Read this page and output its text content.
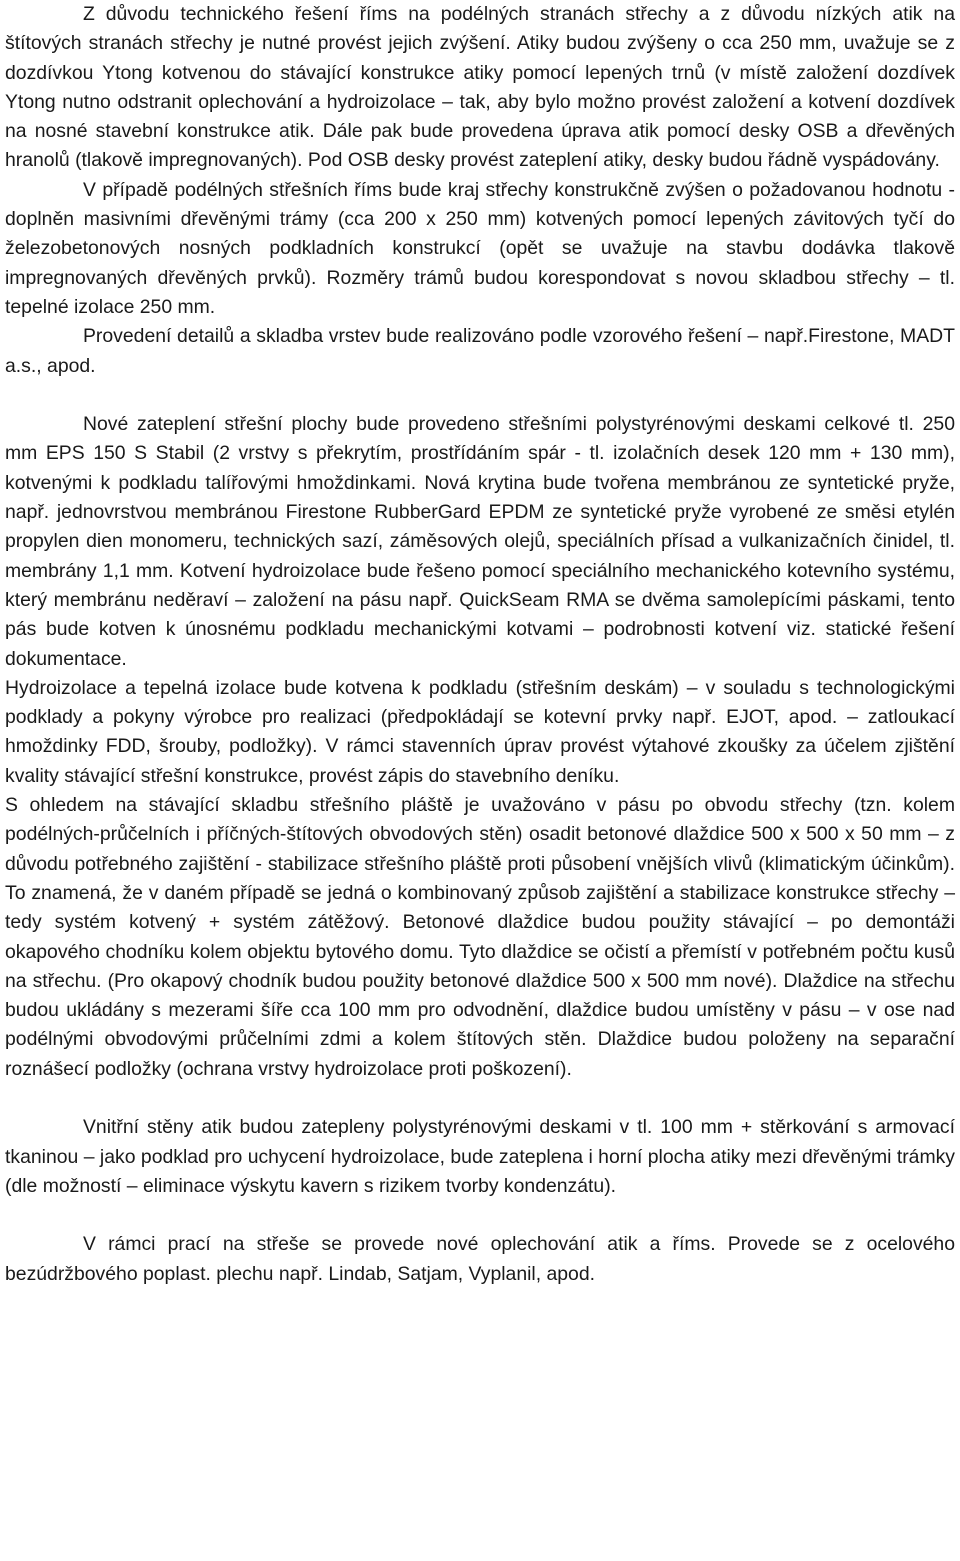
Z důvodu technického řešení říms na podélných stranách střechy a z důvodu nízkých atik na štítových stranách střechy je nutné provést jejich zvýšení. Atiky budou zvýšeny o cca 250 mm, uvažuje se z dozdívkou Ytong kotvenou do stávající konstrukce atiky pomocí lepených trnů (v místě založení dozdívek Ytong nutno odstranit oplechování a hydroizolace – tak, aby bylo možno provést založení a kotvení dozdívek na nosné stavební konstrukce atik. Dále pak bude provedena úprava atik pomocí desky OSB a dřevěných hranolů (tlakově impregnovaných). Pod OSB desky provést zateplení atiky, desky budou řádně vyspádovány.

V případě podélných střešních říms bude kraj střechy konstrukčně zvýšen o požadovanou hodnotu - doplněn masivními dřevěnými trámy (cca 200 x 250 mm) kotvených pomocí lepených závitových tyčí do železobetonových nosných podkladních konstrukcí (opět se uvažuje na stavbu dodávka tlakově impregnovaných dřevěných prvků). Rozměry trámů budou korespondovat s novou skladbou střechy – tl. tepelné izolace 250 mm.

Provedení detailů a skladba vrstev bude realizováno podle vzorového řešení – např.Firestone, MADT a.s., apod.

Nové zateplení střešní plochy bude provedeno střešními polystyrénovými deskami celkové tl. 250 mm EPS 150 S Stabil (2 vrstvy s překrytím, prostřídáním spár - tl. izolačních desek 120 mm + 130 mm), kotvenými k podkladu talířovými hmoždinkami. Nová krytina bude tvořena membránou ze syntetické pryže, např. jednovrstvou membránou Firestone RubberGard EPDM ze syntetické pryže vyrobené ze směsi etylén propylen dien monomeru, technických sazí, záměsových olejů, speciálních přísad a vulkanizačních činidel, tl. membrány 1,1 mm. Kotvení hydroizolace bude řešeno pomocí speciálního mechanického kotevního systému, který membránu neděraví – založení na pásu např. QuickSeam RMA se dvěma samolepícími páskami, tento pás bude kotven k únosnému podkladu mechanickými kotvami – podrobnosti kotvení viz. statické řešení dokumentace.

Hydroizolace a tepelná izolace bude kotvena k podkladu (střešním deskám) – v souladu s technologickými podklady a pokyny výrobce pro realizaci (předpokládají se kotevní prvky např. EJOT, apod. – zatloukací hmoždinky FDD, šrouby, podložky). V rámci stavenních úprav provést výtahové zkoušky za účelem zjištění kvality stávající střešní konstrukce, provést zápis do stavebního deníku.

S ohledem na stávající skladbu střešního pláště je uvažováno v pásu po obvodu střechy (tzn. kolem podélných-průčelních i příčných-štítových obvodových stěn) osadit betonové dlaždice 500 x 500 x 50 mm – z důvodu potřebného zajištění - stabilizace střešního pláště proti působení vnějších vlivů (klimatickým účinkům). To znamená, že v daném případě se jedná o kombinovaný způsob zajištění a stabilizace konstrukce střechy – tedy systém kotvený + systém zátěžový. Betonové dlaždice budou použity stávající – po demontáži okapového chodníku kolem objektu bytového domu. Tyto dlaždice se očistí a přemístí v potřebném počtu kusů na střechu. (Pro okapový chodník budou použity betonové dlaždice 500 x 500 mm nové). Dlaždice na střechu budou ukládány s mezerami šíře cca 100 mm pro odvodnění, dlaždice budou umístěny v pásu – v ose nad podélnými obvodovými průčelními zdmi a kolem štítových stěn. Dlaždice budou položeny na separační roznášecí podložky (ochrana vrstvy hydroizolace proti poškození).

Vnitřní stěny atik budou zatepleny polystyrénovými deskami v tl. 100 mm + stěrkování s armovací tkaninou – jako podklad pro uchycení hydroizolace, bude zateplena i horní plocha atiky mezi dřevěnými trámky (dle možností – eliminace výskytu kavern s rizikem tvorby kondenzátu).

V rámci prací na střeše se provede nové oplechování atik a říms. Provede se z ocelového bezúdržbového poplast. plechu např. Lindab, Satjam, Vyplanil, apod.
